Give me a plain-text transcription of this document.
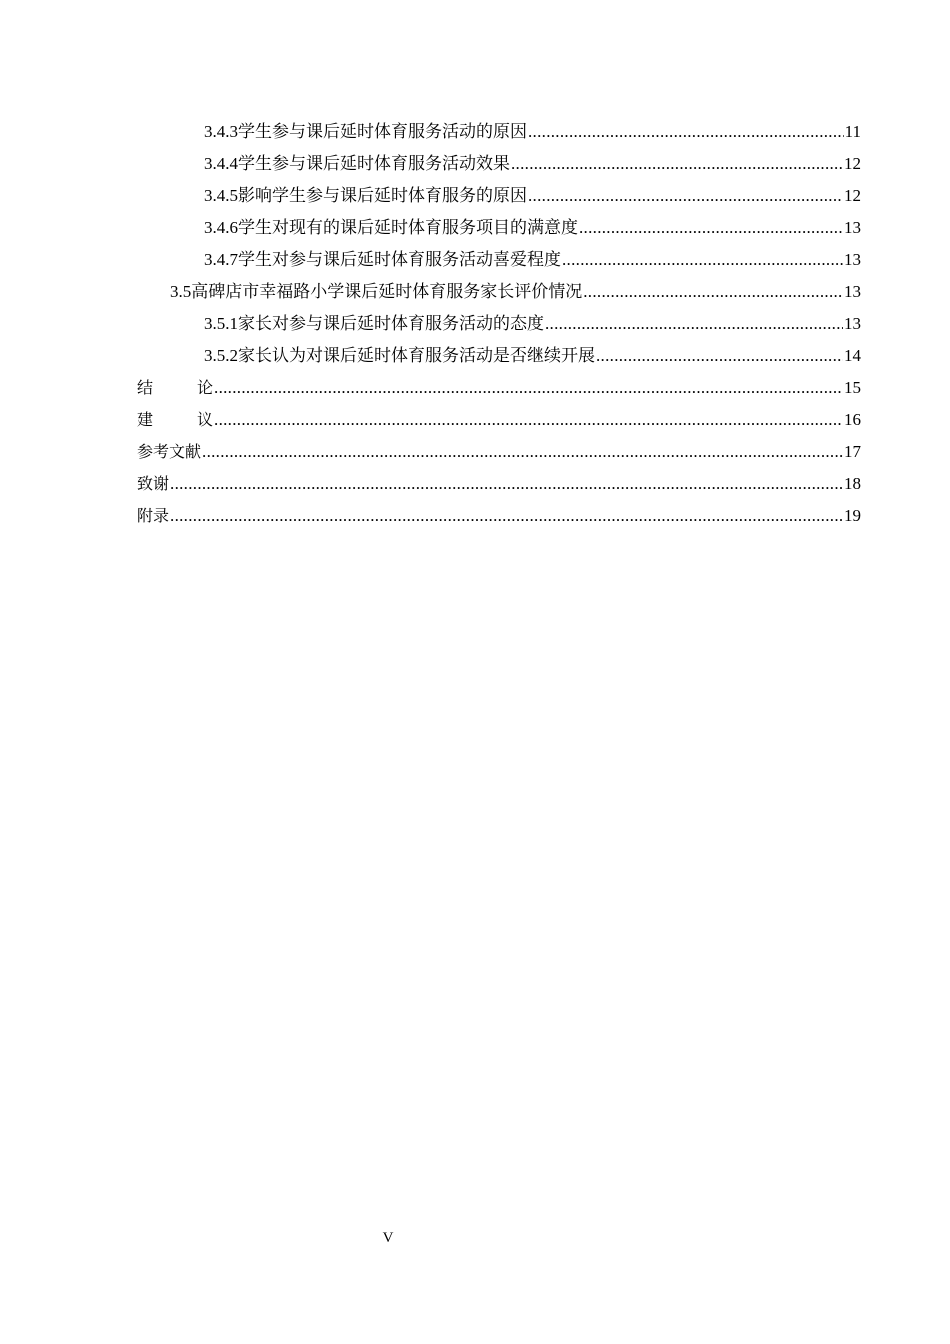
3.4.3 学生参与课后延时体育服务活动的原因 .....	11
3.4.4 学生参与课后延时体育服务活动效果 .....	12
3.4.5 影响学生参与课后延时体育服务的原因 .....	12
3.4.6 学生对现有的课后延时体育服务项目的满意度 .....	13
3.4.7 学生对参与课后延时体育服务活动喜爱程度 .....	13
3.5 高碑店市幸福路小学课后延时体育服务家长评价情况 .....	13
3.5.1 家长对参与课后延时体育服务活动的态度 .....	13
3.5.2 家长认为对课后延时体育服务活动是否继续开展 .....	14
结	论 .....	15
建	议 .....	16
参考文献 .....	17
致谢 .....	18
附录 .....	19
V
